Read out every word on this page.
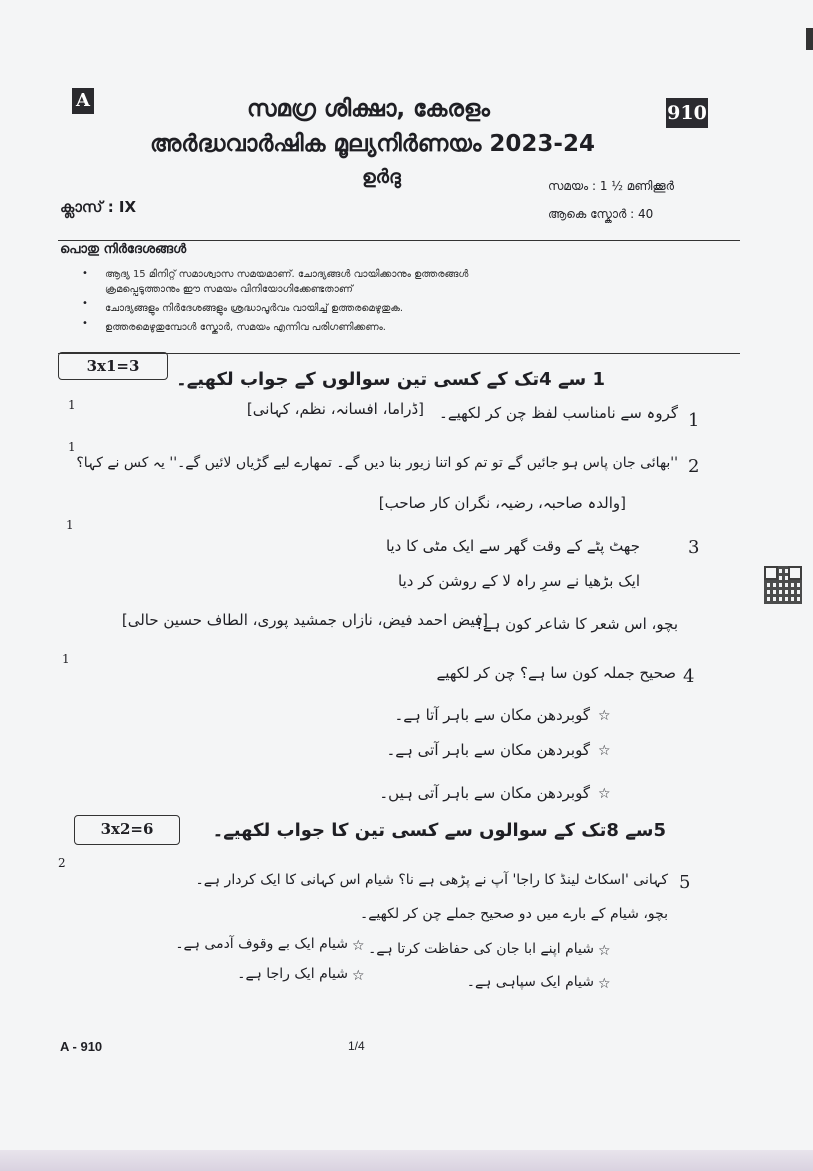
A
910
സമഗ്ര ശിക്ഷാ, കേരളം
അർദ്ധവാർഷിക മൂല്യനിർണയം 2023-24
ഉർദു	സമയം : 1 ½ മണിക്കൂർ
ആകെ സ്കോർ : 40
ക്ലാസ് : IX
പൊതു നിർദേശങ്ങൾ
• ആദ്യ 15 മിനിറ്റ് സമാശ്വാസ സമയമാണ്. ചോദ്യങ്ങൾ വായിക്കാനും ഉത്തരങ്ങൾ
ക്രമപ്പെടുത്താനും ഈ സമയം വിനിയോഗിക്കേണ്ടതാണ്
• ചോദ്യങ്ങളും നിർദേശങ്ങളും ശ്രദ്ധാപൂർവം വായിച്ച് ഉത്തരമെഴുതുക.
• ഉത്തരമെഴുതുമ്പോൾ സ്കോർ, സമയം എന്നിവ പരിഗണിക്കണം.
3x1=3
1 سے 4تک کے کسی تین سوالوں کے جواب لکھیے۔
1
1
گروہ سے نامناسب لفظ چن کر لکھیے۔
[ڈراما، افسانہ، نظم، کہانی]
1
2
''بھائی جان پاس ہو جائیں گے تو تم کو اتنا زیور بنا دیں گے۔ تمھارے لیے گڑیاں لائیں گے۔'' یہ کس نے کہا؟
[والدہ صاحبہ، رضیہ، نگران کار صاحب]
1
3
جھٹ پٹے کے وقت گھر سے ایک مٹی کا دیا
ایک بڑھیا نے سرِ راہ لا کے روشن کر دیا
بچو، اس شعر کا شاعر کون ہے؟
[فیض احمد فیض، نازاں جمشید پوری، الطاف حسین حالی]
1
4
صحیح جملہ کون سا ہے؟ چن کر لکھیے
☆
گوبردھن مکان سے باہر آتا ہے۔
☆
گوبردھن مکان سے باہر آتی ہے۔
☆
گوبردھن مکان سے باہر آتی ہیں۔
3x2=6	5سے 8تک کے سوالوں سے کسی تین کا جواب لکھیے۔
2
5
کہانی 'اسکاٹ لینڈ کا راجا' آپ نے پڑھی ہے نا؟ شیام اس کہانی کا ایک کردار ہے۔
بچو، شیام کے بارے میں دو صحیح جملے چن کر لکھیے۔
☆
شیام اپنے ابا جان کی حفاظت کرتا ہے۔
☆
شیام ایک بے وقوف آدمی ہے۔
☆
شیام ایک سپاہی ہے۔
☆
شیام ایک راجا ہے۔
A - 910	1/4
